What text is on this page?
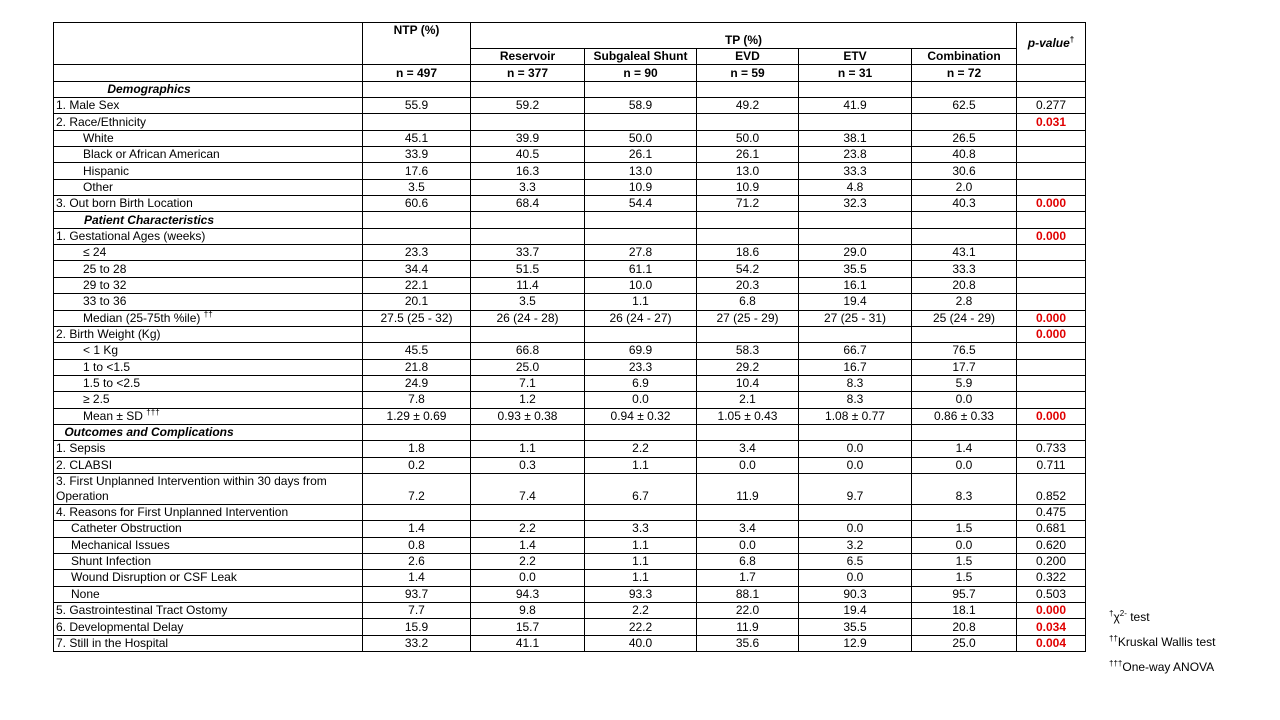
	NTP (%)	TP (%)					p-value†
		Reservoir	Subgaleal Shunt	EVD	ETV	Combination	
	n = 497	n = 377	n = 90	n = 59	n = 31	n = 72	
Demographics							
1. Male Sex	55.9	59.2	58.9	49.2	41.9	62.5	0.277
2. Race/Ethnicity							0.031
White	45.1	39.9	50.0	50.0	38.1	26.5	
Black or African American	33.9	40.5	26.1	26.1	23.8	40.8	
Hispanic	17.6	16.3	13.0	13.0	33.3	30.6	
Other	3.5	3.3	10.9	10.9	4.8	2.0	
3. Out born Birth Location	60.6	68.4	54.4	71.2	32.3	40.3	0.000
Patient Characteristics							
1. Gestational Ages (weeks)							0.000
≤ 24	23.3	33.7	27.8	18.6	29.0	43.1	
25 to 28	34.4	51.5	61.1	54.2	35.5	33.3	
29 to 32	22.1	11.4	10.0	20.3	16.1	20.8	
33 to 36	20.1	3.5	1.1	6.8	19.4	2.8	
Median (25-75th %ile) ††	27.5 (25 - 32)	26 (24 - 28)	26 (24 - 27)	27 (25 - 29)	27 (25 - 31)	25 (24 - 29)	0.000
2. Birth Weight (Kg)							0.000
< 1 Kg	45.5	66.8	69.9	58.3	66.7	76.5	
1 to <1.5	21.8	25.0	23.3	29.2	16.7	17.7	
1.5 to <2.5	24.9	7.1	6.9	10.4	8.3	5.9	
≥ 2.5	7.8	1.2	0.0	2.1	8.3	0.0	
Mean ± SD †††	1.29 ± 0.69	0.93 ± 0.38	0.94 ± 0.32	1.05 ± 0.43	1.08 ± 0.77	0.86 ± 0.33	0.000
Outcomes and Complications							
1. Sepsis	1.8	1.1	2.2	3.4	0.0	1.4	0.733
2. CLABSI	0.2	0.3	1.1	0.0	0.0	0.0	0.711
3. First Unplanned Intervention within 30 days from Operation	7.2	7.4	6.7	11.9	9.7	8.3	0.852
4. Reasons for First Unplanned Intervention							0.475
Catheter Obstruction	1.4	2.2	3.3	3.4	0.0	1.5	0.681
Mechanical Issues	0.8	1.4	1.1	0.0	3.2	0.0	0.620
Shunt Infection	2.6	2.2	1.1	6.8	6.5	1.5	0.200
Wound Disruption or CSF Leak	1.4	0.0	1.1	1.7	0.0	1.5	0.322
None	93.7	94.3	93.3	88.1	90.3	95.7	0.503
5. Gastrointestinal Tract Ostomy	7.7	9.8	2.2	22.0	19.4	18.1	0.000
6. Developmental Delay	15.9	15.7	22.2	11.9	35.5	20.8	0.034
7. Still in the Hospital	33.2	41.1	40.0	35.6	12.9	25.0	0.004
$^\dagger\chi^{2-}$ test
††Kruskal Wallis test
†††One-way ANOVA
